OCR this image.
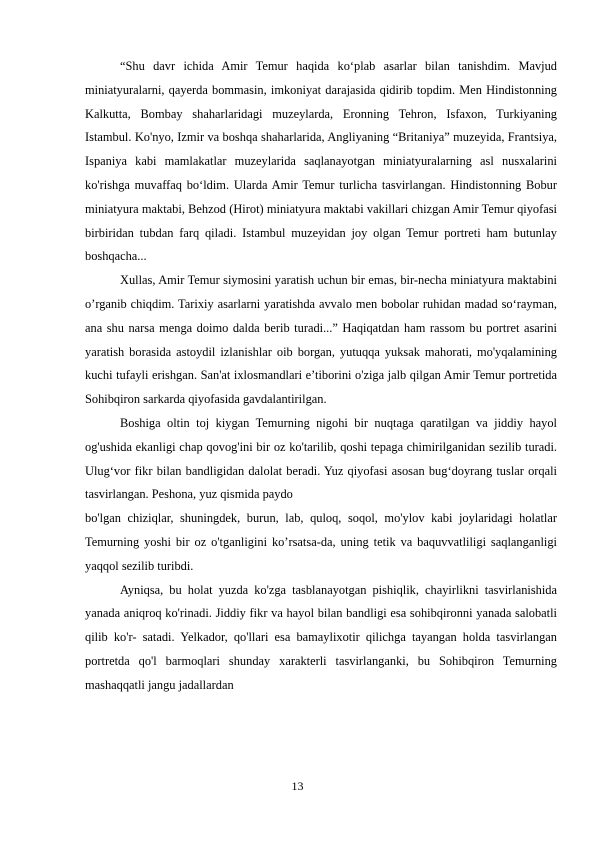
“Shu davr ichida Amir Temur haqida ko‘plab asarlar bilan tanishdim. Mavjud miniatyuralarni, qayerda bommasin, imkoniyat darajasida qidirib topdim. Men Hindistonning Kalkutta, Bombay shaharlaridagi muzeylarda, Eronning Tehron, Isfaxon, Turkiyaning Istambul. Ko'nyo, Izmir va boshqa shaharlarida, Angliyaning “Britaniya” muzeyida, Frantsiya, Ispaniya kabi mamlakatlar muzeylarida saqlanayotgan miniatyuralarning asl nusxalarini ko'rishga muvaffaq bo‘ldim. Ularda Amir Temur turlicha tasvirlangan. Hindistonning Bobur miniatyura maktabi, Behzod (Hirot) miniatyura maktabi vakillari chizgan Amir Temur qiyofasi birbiridan tubdan farq qiladi. Istambul muzeyidan joy olgan Temur portreti ham butunlay boshqacha...

Xullas, Amir Temur siymosini yaratish uchun bir emas, bir-necha miniatyura maktabini o’rganib chiqdim. Tarixiy asarlarni yaratishda avvalo men bobolar ruhidan madad so‘rayman, ana shu narsa menga doimo dalda berib turadi...” Haqiqatdan ham rassom bu portret asarini yaratish borasida astoydil izlanishlar oib borgan, yutuqqa yuksak mahorati, mo'yqalamining kuchi tufayli erishgan. San'at ixlosmandlari e’tiborini o'ziga jalb qilgan Amir Temur portretida Sohibqiron sarkarda qiyofasida gavdalantirilgan.

Boshiga oltin toj kiygan Temurning nigohi bir nuqtaga qaratilgan va jiddiy hayol og'ushida ekanligi chap qovog'ini bir oz ko'tarilib, qoshi tepaga chimirilganidan sezilib turadi. Ulug‘vor fikr bilan bandligidan dalolat beradi. Yuz qiyofasi asosan bug‘doyrang tuslar orqali tasvirlangan. Peshona, yuz qismida paydo

bo'lgan chiziqlar, shuningdek, burun, lab, quloq, soqol, mo'ylov kabi joylaridagi holatlar Temurning yoshi bir oz o'tganligini ko’rsatsa-da, uning tetik va baquvvatliligi saqlanganligi yaqqol sezilib turibdi.

Ayniqsa, bu holat yuzda ko'zga tasblanayotgan pishiqlik, chayirlikni tasvirlanishida yanada aniqroq ko'rinadi. Jiddiy fikr va hayol bilan bandligi esa sohibqironni yanada salobatli qilib ko'r- satadi. Yelkador, qo'llari esa bamaylixotir qilichga tayangan holda tasvirlangan portretda qo'l barmoqlari shunday xarakterli tasvirlanganki, bu Sohibqiron Temurning mashaqqatli jangu jadallardan

13
